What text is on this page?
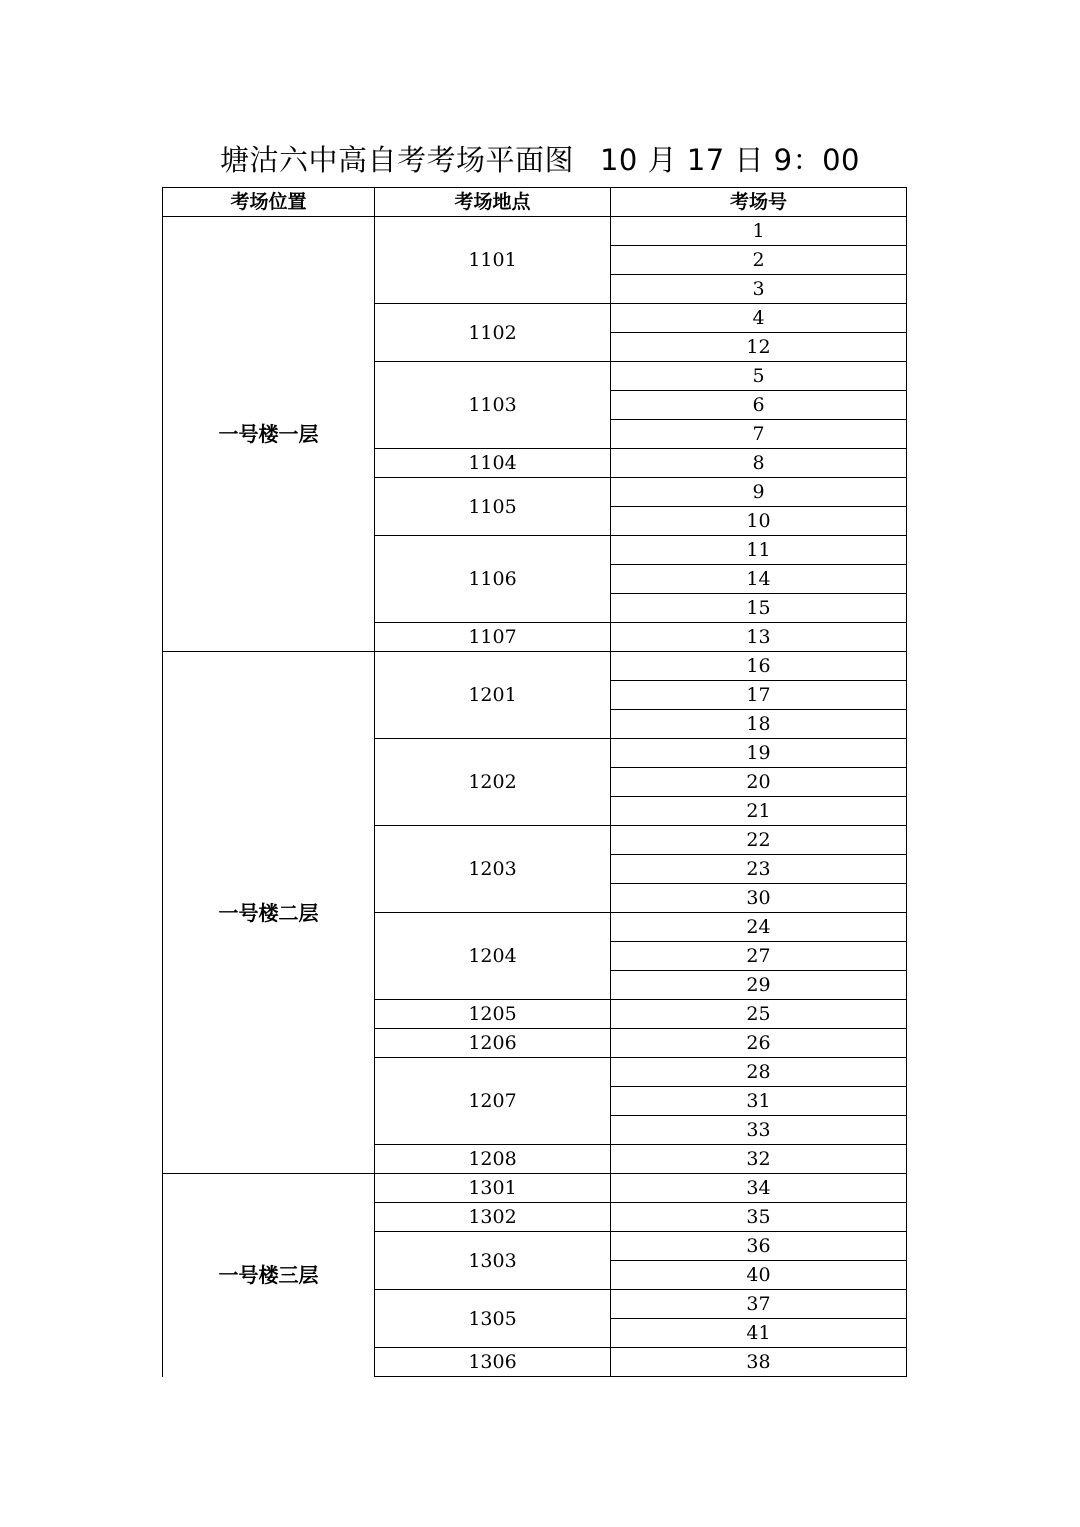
塘沽六中高自考考场平面图 10 月 17 日 9：00
考场位置	考场地点	考场号
一号楼一层	1101	1
		2
		3
	1102	4
		12
	1103	5
		6
		7
	1104	8
	1105	9
		10
	1106	11
		14
		15
	1107	13
一号楼二层	1201	16
		17
		18
	1202	19
		20
		21
	1203	22
		23
		30
	1204	24
		27
		29
	1205	25
	1206	26
	1207	28
		31
		33
	1208	32
一号楼三层	1301	34
	1302	35
	1303	36
		40
	1305	37
		41
	1306	38
